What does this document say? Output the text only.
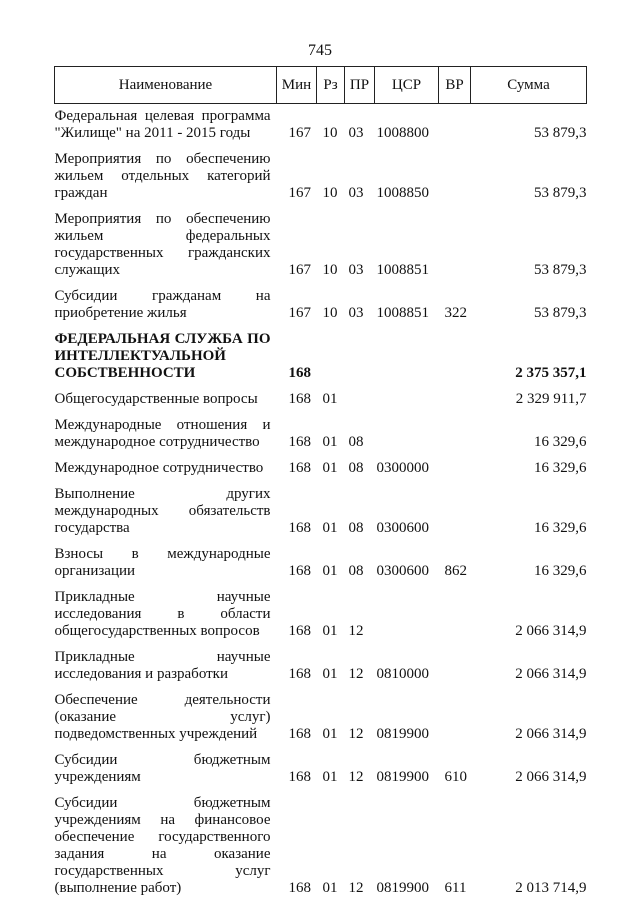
745
Наименование	Мин	Рз	ПР	ЦСР	ВР	Сумма
Федеральная целевая программа "Жилище" на 2011 - 2015 годы	167	10	03	1008800		53 879,3
Мероприятия по обеспечению жильем отдельных категорий граждан	167	10	03	1008850		53 879,3
Мероприятия по обеспечению жильем федеральных государственных гражданских служащих	167	10	03	1008851		53 879,3
Субсидии гражданам на приобретение жилья	167	10	03	1008851	322	53 879,3
ФЕДЕРАЛЬНАЯ СЛУЖБА ПО ИНТЕЛЛЕКТУАЛЬНОЙ СОБСТВЕННОСТИ	168					2 375 357,1
Общегосударственные вопросы	168	01				2 329 911,7
Международные отношения и международное сотрудничество	168	01	08			16 329,6
Международное сотрудничество	168	01	08	0300000		16 329,6
Выполнение других международных обязательств государства	168	01	08	0300600		16 329,6
Взносы в международные организации	168	01	08	0300600	862	16 329,6
Прикладные научные исследования в области общегосударственных вопросов	168	01	12			2 066 314,9
Прикладные научные исследования и разработки	168	01	12	0810000		2 066 314,9
Обеспечение деятельности (оказание услуг) подведомственных учреждений	168	01	12	0819900		2 066 314,9
Субсидии бюджетным учреждениям	168	01	12	0819900	610	2 066 314,9
Субсидии бюджетным учреждениям на финансовое обеспечение государственного задания на оказание государственных услуг (выполнение работ)	168	01	12	0819900	611	2 013 714,9
